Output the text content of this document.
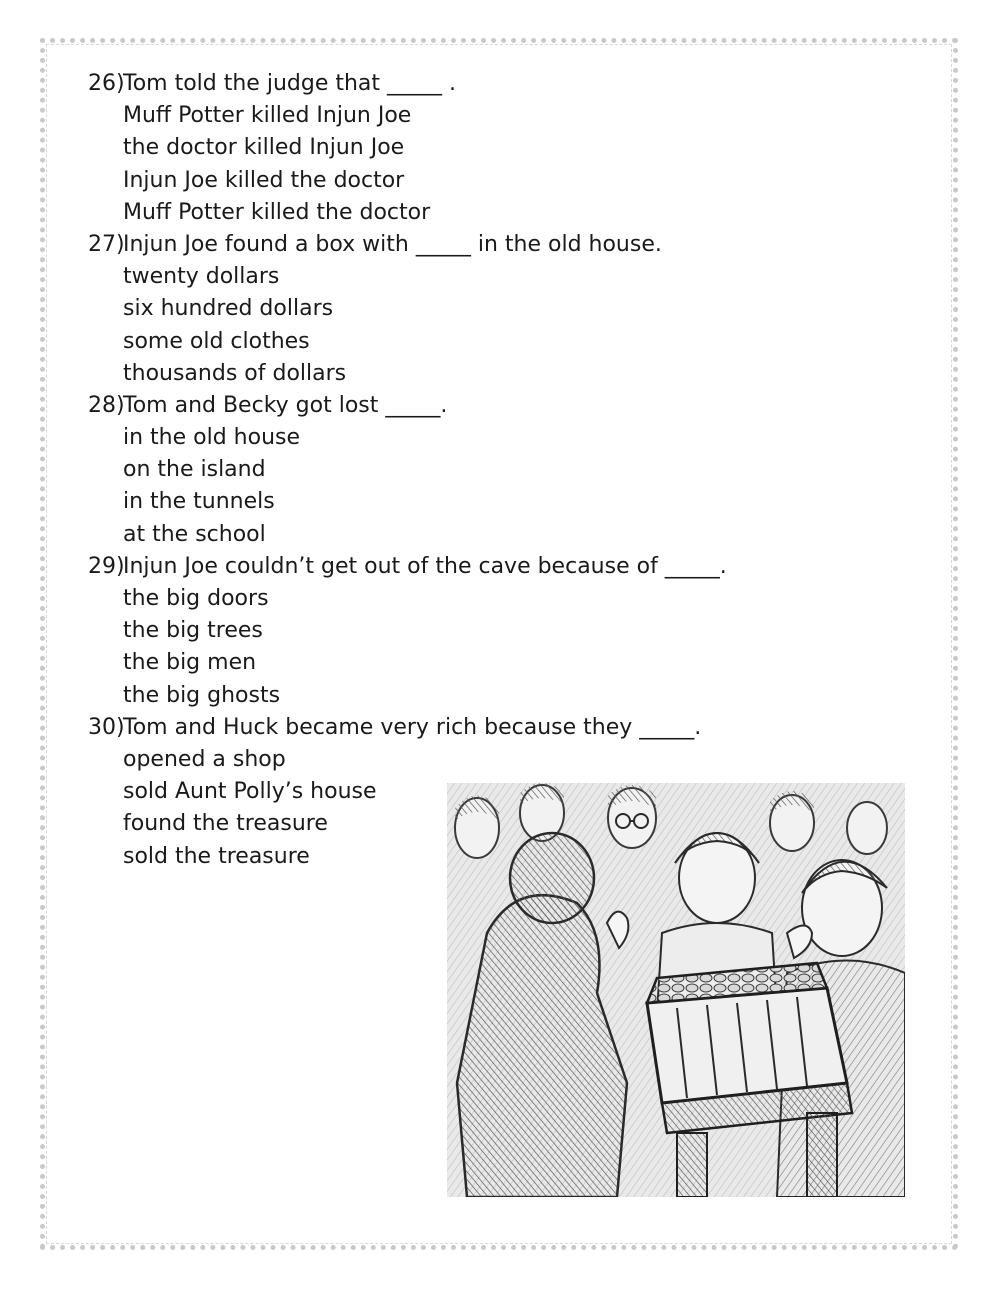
26)
Tom told the judge that _____ .
Muff Potter killed Injun Joe
the doctor killed Injun Joe
Injun Joe killed the doctor
Muff Potter killed the doctor
27)
Injun Joe found a box with _____ in the old house.
twenty dollars
six hundred dollars
some old clothes
thousands of dollars
28)
Tom and Becky got lost _____.
in the old house
on the island
in the tunnels
at the school
29)
Injun Joe couldn’t get out of the cave because of _____.
the big doors
the big trees
the big men
the big ghosts
30)
Tom and Huck became very rich because they _____.
opened a shop
sold Aunt Polly’s house
found the treasure
sold the treasure
